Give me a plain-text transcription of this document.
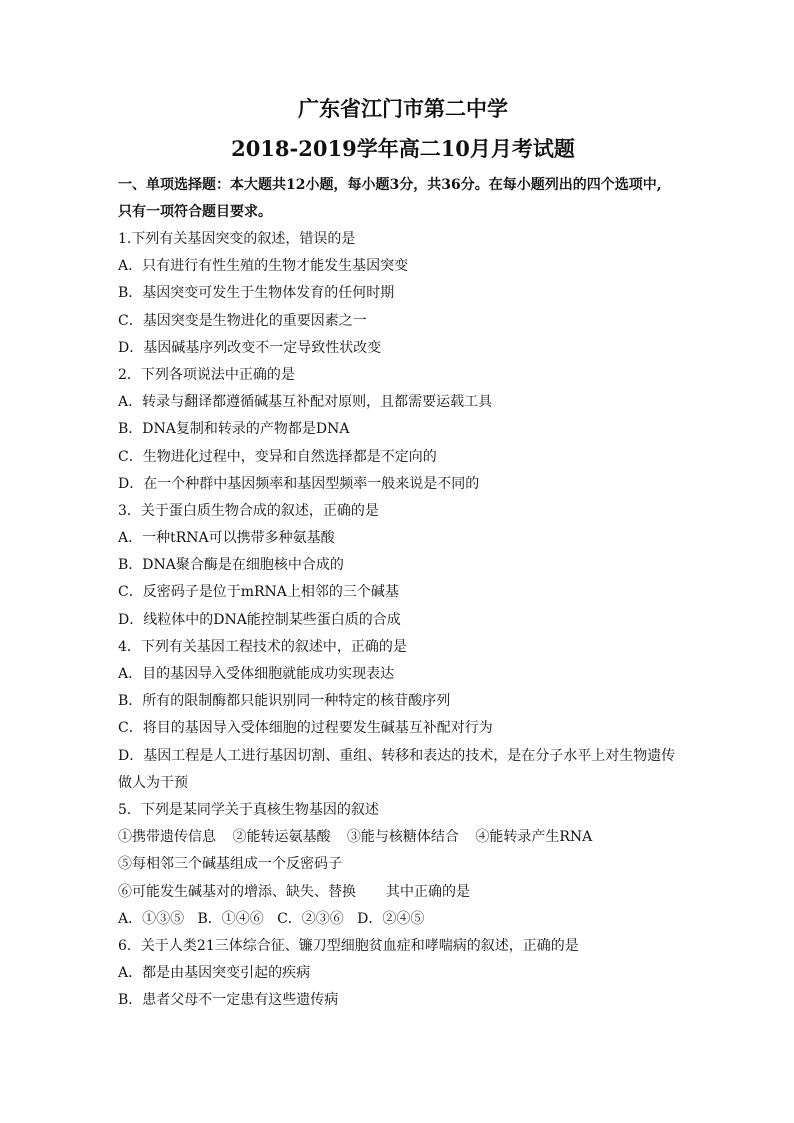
广东省江门市第二中学

2018-2019学年高二10月月考试题

一、单项选择题：本大题共12小题，每小题3分，共36分。在每小题列出的四个选项中,

只有一项符合题目要求。

1.下列有关基因突变的叙述，错误的是

A．只有进行有性生殖的生物才能发生基因突变

B．基因突变可发生于生物体发育的任何时期

C．基因突变是生物进化的重要因素之一

D．基因碱基序列改变不一定导致性状改变

2．下列各项说法中正确的是

A．转录与翻译都遵循碱基互补配对原则，且都需要运载工具

B．DNA复制和转录的产物都是DNA

C．生物进化过程中，变异和自然选择都是不定向的

D．在一个种群中基因频率和基因型频率一般来说是不同的

3．关于蛋白质生物合成的叙述，正确的是

A．一种tRNA可以携带多种氨基酸

B．DNA聚合酶是在细胞核中合成的

C．反密码子是位于mRNA上相邻的三个碱基

D．线粒体中的DNA能控制某些蛋白质的合成

4．下列有关基因工程技术的叙述中，正确的是

A．目的基因导入受体细胞就能成功实现表达

B．所有的限制酶都只能识别同一种特定的核苷酸序列

C．将目的基因导入受体细胞的过程要发生碱基互补配对行为

D．基因工程是人工进行基因切割、重组、转移和表达的技术，是在分子水平上对生物遗传

做人为干预

5．下列是某同学关于真核生物基因的叙述

①携带遗传信息 ②能转运氨基酸 ③能与核糖体结合 ④能转录产生RNA

⑤每相邻三个碱基组成一个反密码子

⑥可能发生碱基对的增添、缺失、替换 其中正确的是

A．①③⑤   B．①④⑥   C．②③⑥   D．②④⑤

6．关于人类21三体综合征、镰刀型细胞贫血症和哮喘病的叙述，正确的是

A．都是由基因突变引起的疾病

B．患者父母不一定患有这些遗传病
